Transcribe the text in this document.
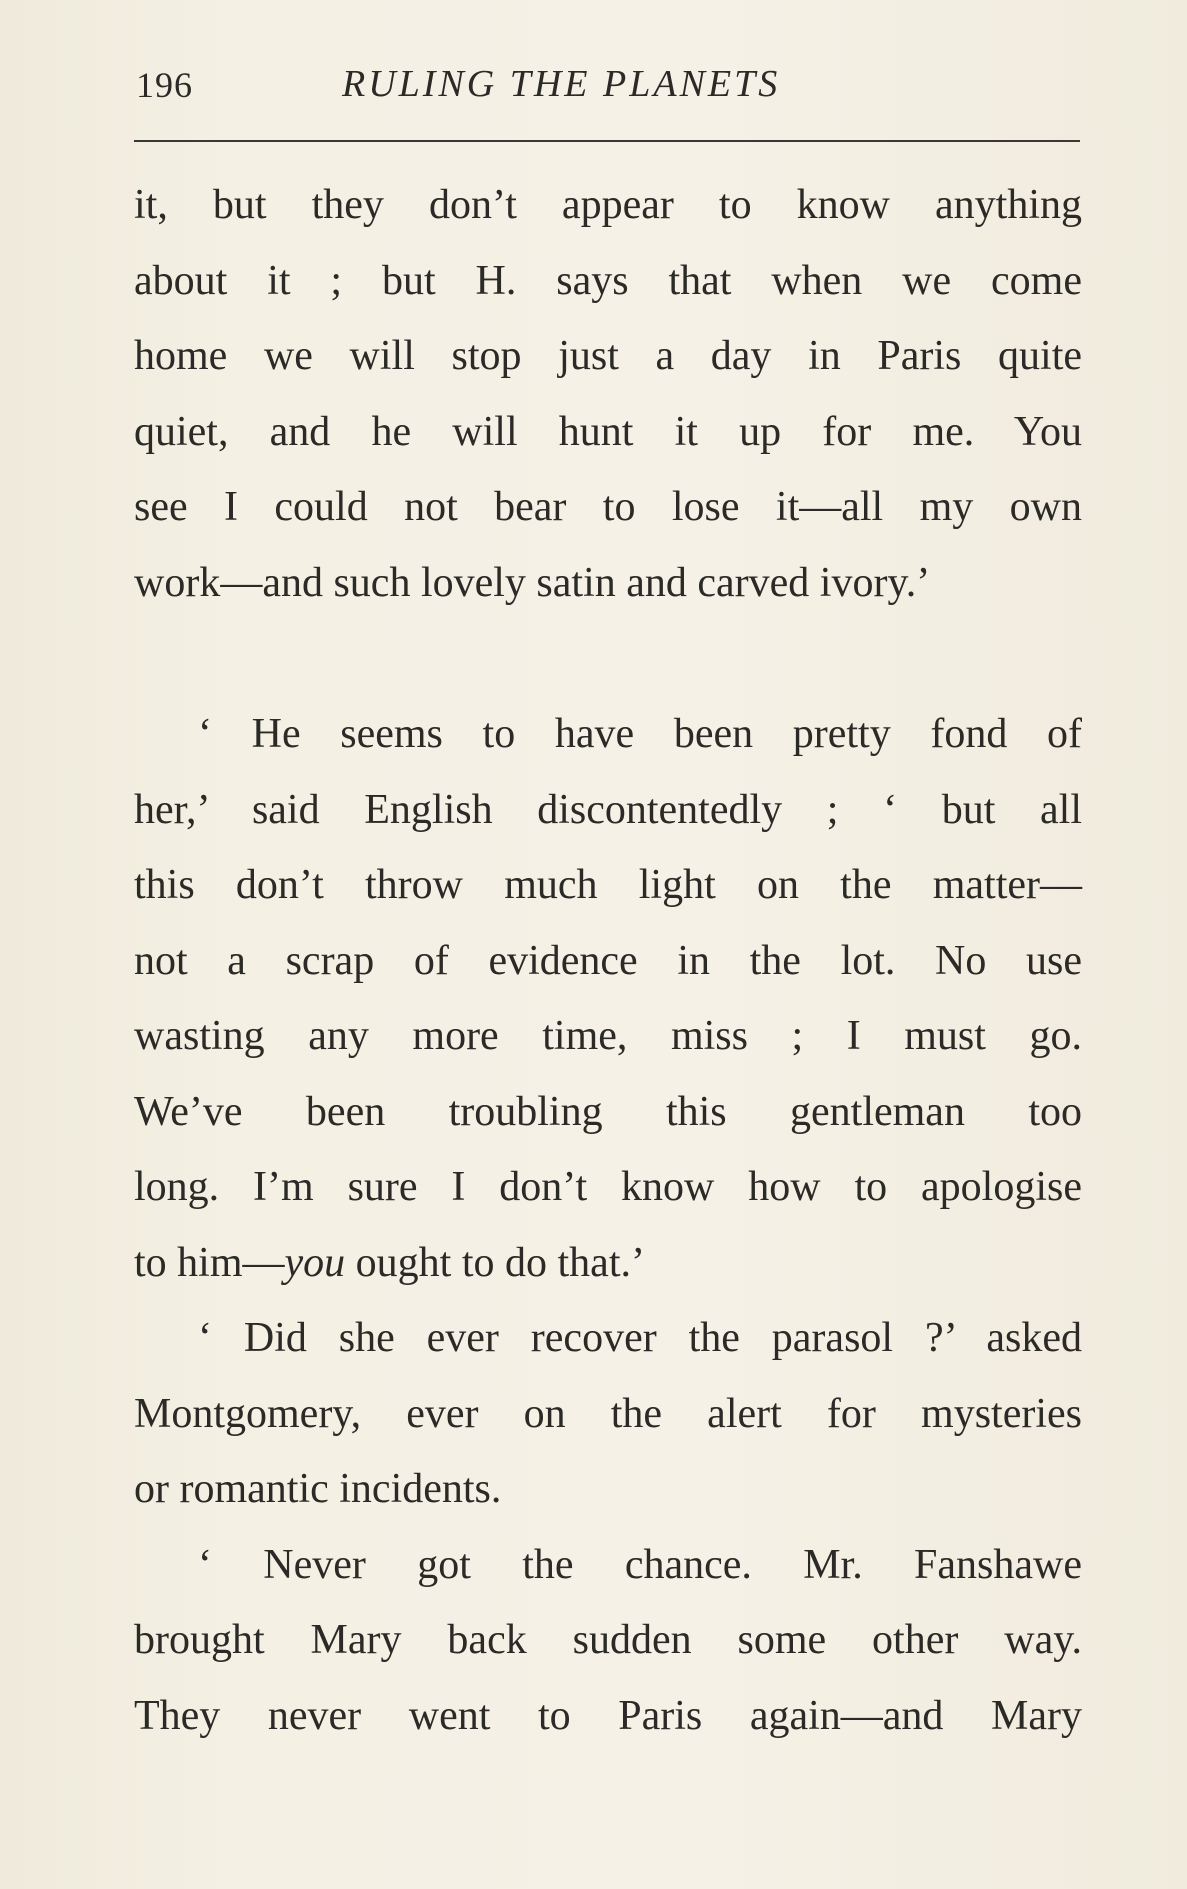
196	RULING THE PLANETS
it, but they don’t appear to know anything
about it ; but H. says that when we come
home we will stop just a day in Paris quite
quiet, and he will hunt it up for me. You
see I could not bear to lose it—all my own
work—and such lovely satin and carved ivory.’
‘ He seems to have been pretty fond of
her,’ said English discontentedly ; ‘ but all
this don’t throw much light on the matter—
not a scrap of evidence in the lot. No use
wasting any more time, miss ; I must go.
We’ve been troubling this gentleman too
long. I’m sure I don’t know how to apologise
to him—you ought to do that.’
‘ Did she ever recover the parasol ?’ asked
Montgomery, ever on the alert for mysteries
or romantic incidents.
‘ Never got the chance. Mr. Fanshawe
brought Mary back sudden some other way.
They never went to Paris again—and Mary
